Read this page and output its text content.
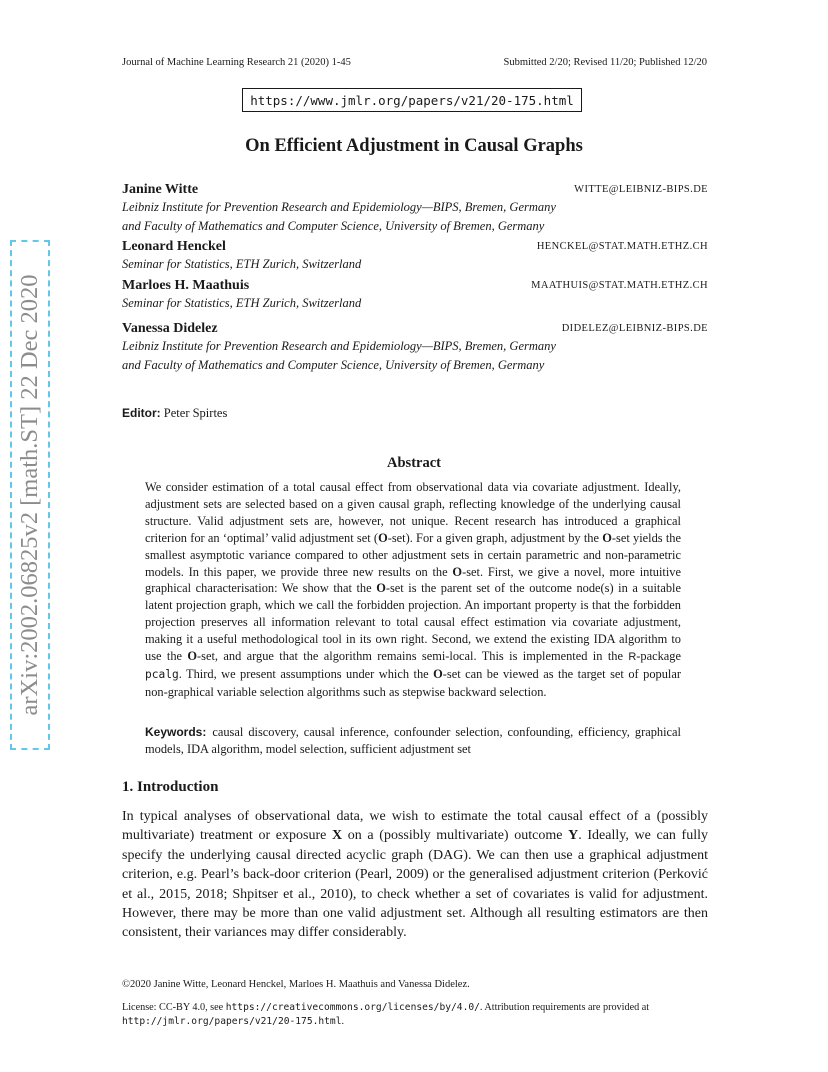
Journal of Machine Learning Research 21 (2020) 1-45	Submitted 2/20; Revised 11/20; Published 12/20
https://www.jmlr.org/papers/v21/20-175.html
On Efficient Adjustment in Causal Graphs
Janine Witte	WITTE@LEIBNIZ-BIPS.DE
Leibniz Institute for Prevention Research and Epidemiology—BIPS, Bremen, Germany
and Faculty of Mathematics and Computer Science, University of Bremen, Germany
Leonard Henckel	HENCKEL@STAT.MATH.ETHZ.CH
Seminar for Statistics, ETH Zurich, Switzerland
Marloes H. Maathuis	MAATHUIS@STAT.MATH.ETHZ.CH
Seminar for Statistics, ETH Zurich, Switzerland
Vanessa Didelez	DIDELEZ@LEIBNIZ-BIPS.DE
Leibniz Institute for Prevention Research and Epidemiology—BIPS, Bremen, Germany
and Faculty of Mathematics and Computer Science, University of Bremen, Germany
Editor: Peter Spirtes
Abstract
We consider estimation of a total causal effect from observational data via covariate adjustment. Ideally, adjustment sets are selected based on a given causal graph, reflecting knowledge of the underlying causal structure. Valid adjustment sets are, however, not unique. Recent research has introduced a graphical criterion for an ‘optimal’ valid adjustment set (O-set). For a given graph, adjustment by the O-set yields the smallest asymptotic variance compared to other adjustment sets in certain parametric and non-parametric models. In this paper, we provide three new results on the O-set. First, we give a novel, more intuitive graphical characterisation: We show that the O-set is the parent set of the outcome node(s) in a suitable latent projection graph, which we call the forbidden projection. An important property is that the forbidden projection preserves all information relevant to total causal effect estimation via covariate adjustment, making it a useful methodological tool in its own right. Second, we extend the existing IDA algorithm to use the O-set, and argue that the algorithm remains semi-local. This is implemented in the R-package pcalg. Third, we present assumptions under which the O-set can be viewed as the target set of popular non-graphical variable selection algorithms such as stepwise backward selection.
Keywords: causal discovery, causal inference, confounder selection, confounding, efficiency, graphical models, IDA algorithm, model selection, sufficient adjustment set
1. Introduction
In typical analyses of observational data, we wish to estimate the total causal effect of a (possibly multivariate) treatment or exposure X on a (possibly multivariate) outcome Y. Ideally, we can fully specify the underlying causal directed acyclic graph (DAG). We can then use a graphical adjustment criterion, e.g. Pearl’s back-door criterion (Pearl, 2009) or the generalised adjustment criterion (Perković et al., 2015, 2018; Shpitser et al., 2010), to check whether a set of covariates is valid for adjustment. However, there may be more than one valid adjustment set. Although all resulting estimators are then consistent, their variances may differ considerably.
©2020 Janine Witte, Leonard Henckel, Marloes H. Maathuis and Vanessa Didelez.
License: CC-BY 4.0, see https://creativecommons.org/licenses/by/4.0/. Attribution requirements are provided at http://jmlr.org/papers/v21/20-175.html.
arXiv:2002.06825v2 [math.ST] 22 Dec 2020
